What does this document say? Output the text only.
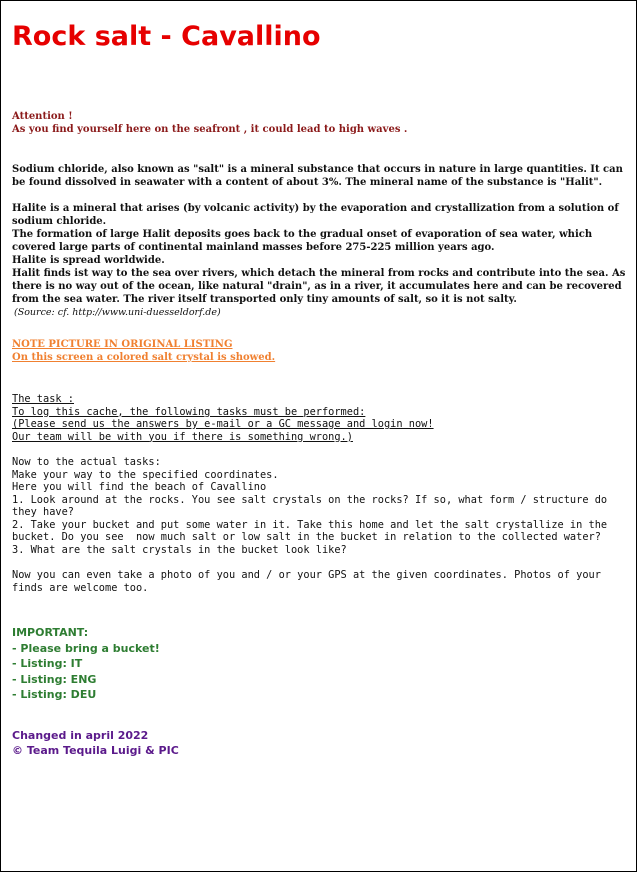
Rock salt - Cavallino
Attention !
As you find yourself here on the seafront , it could lead to high waves .
Sodium chloride, also known as "salt" is a mineral substance that occurs in nature in large quantities. It can be found dissolved in seawater with a content of about 3%. The mineral name of the substance is "Halit".
Halite is a mineral that arises (by volcanic activity) by the evaporation and crystallization from a solution of sodium chloride.
The formation of large Halit deposits goes back to the gradual onset of evaporation of sea water, which covered large parts of continental mainland masses before 275-225 million years ago.
Halite is spread worldwide.
Halit finds ist way to the sea over rivers, which detach the mineral from rocks and contribute into the sea. As there is no way out of the ocean, like natural "drain", as in a river, it accumulates here and can be recovered from the sea water. The river itself transported only tiny amounts of salt, so it is not salty.
(Source: cf. http://www.uni-duesseldorf.de)
NOTE PICTURE IN ORIGINAL LISTING
On this screen a colored salt crystal is showed.
The task :
To log this cache, the following tasks must be performed:
(Please send us the answers by e-mail or a GC message and login now!
Our team will be with you if there is something wrong.)
Now to the actual tasks:
Make your way to the specified coordinates.
Here you will find the beach of Cavallino
1. Look around at the rocks. You see salt crystals on the rocks? If so, what form / structure do they have?
2. Take your bucket and put some water in it. Take this home and let the salt crystallize in the bucket. Do you see  now much salt or low salt in the bucket in relation to the collected water?
3. What are the salt crystals in the bucket look like?
Now you can even take a photo of you and / or your GPS at the given coordinates. Photos of your finds are welcome too.
IMPORTANT:
- Please bring a bucket!
- Listing: IT
- Listing: ENG
- Listing: DEU
Changed in april 2022
© Team Tequila Luigi & PIC
